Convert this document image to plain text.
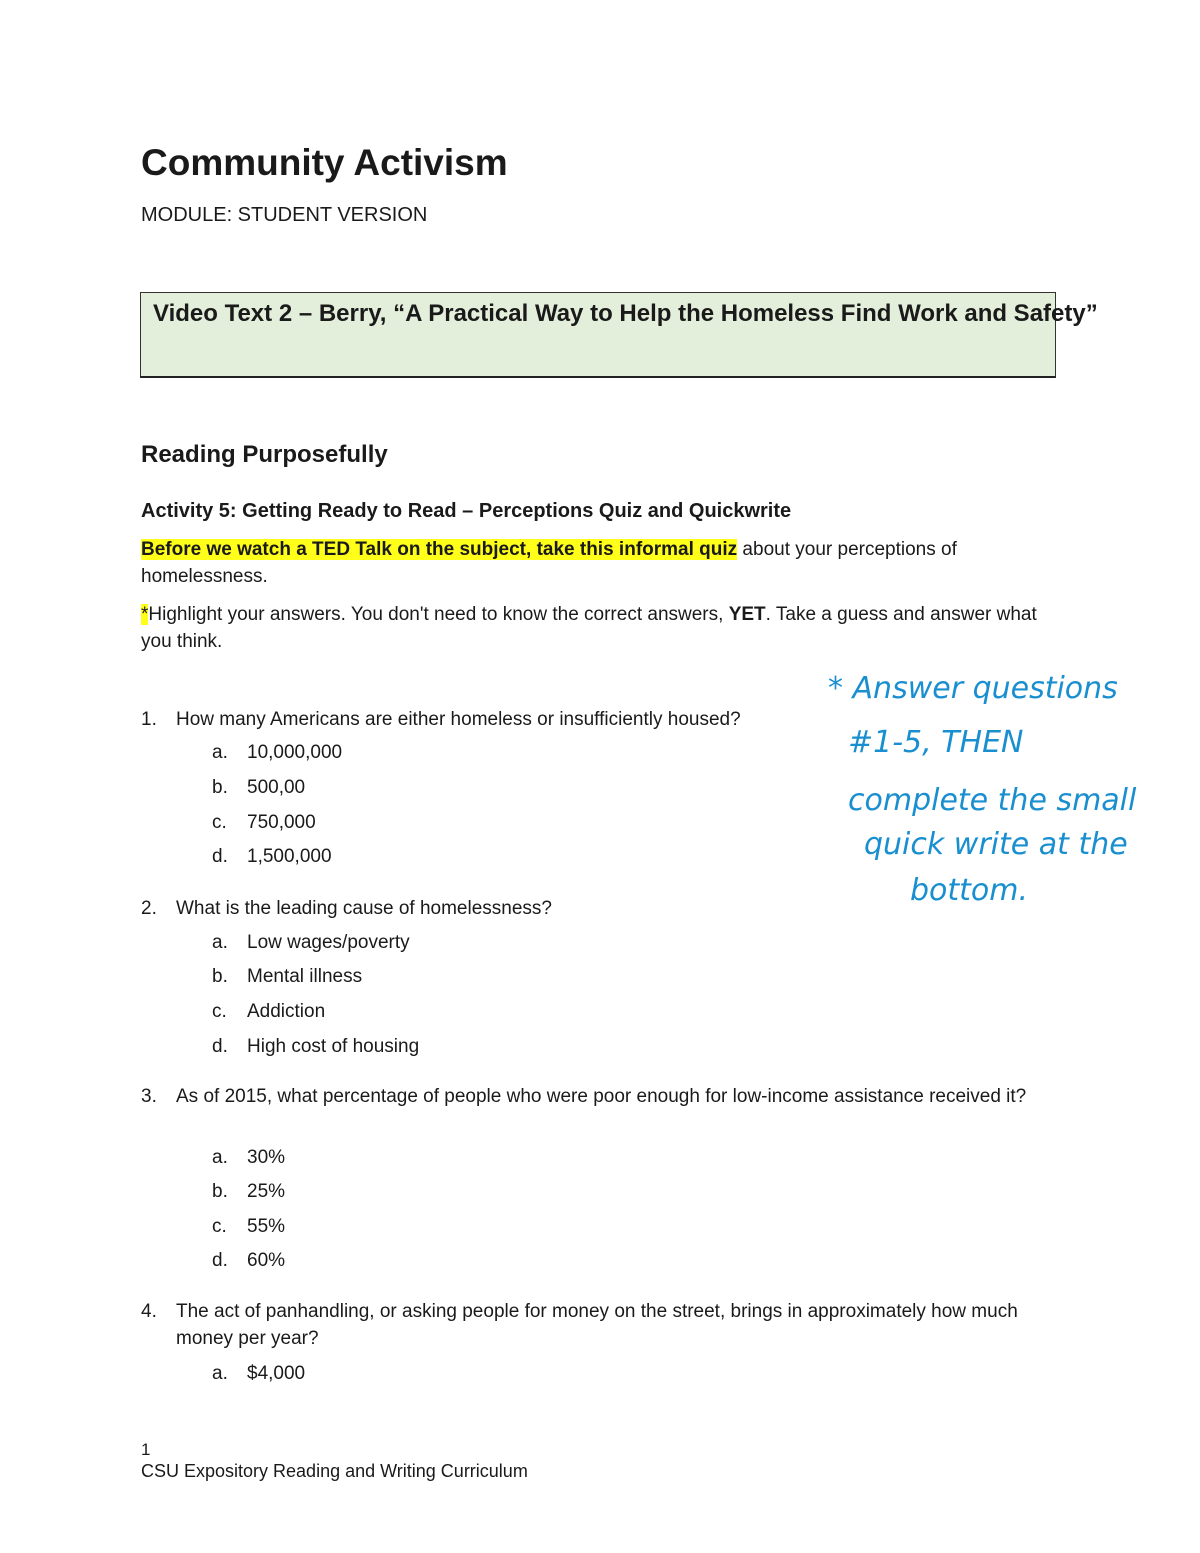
Community Activism
MODULE: STUDENT VERSION

Video Text 2 – Berry, “A Practical Way to Help the Homeless Find Work and Safety”

Reading Purposefully
Activity 5: Getting Ready to Read – Perceptions Quiz and Quickwrite

Before we watch a TED Talk on the subject, take this informal quiz about your perceptions of homelessness.

*Highlight your answers. You don't need to know the correct answers, YET. Take a guess and answer what you think.

1. How many Americans are either homeless or insufficiently housed?
a. 10,000,000
b. 500,00
c. 750,000
d. 1,500,000
2. What is the leading cause of homelessness?
a. Low wages/poverty
b. Mental illness
c. Addiction
d. High cost of housing
3. As of 2015, what percentage of people who were poor enough for low-income assistance received it?
a. 30%
b. 25%
c. 55%
d. 60%
4. The act of panhandling, or asking people for money on the street, brings in approximately how much money per year?
a. $4,000
* Answer questions
#1-5, THEN
complete the small
quick write at the
bottom.
1
CSU Expository Reading and Writing Curriculum
